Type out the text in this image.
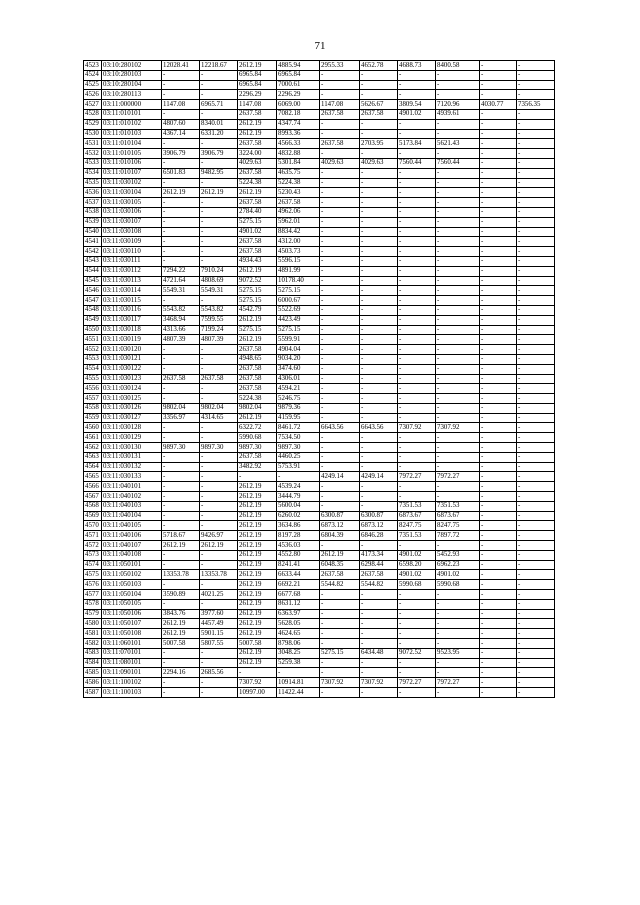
71
4523	03:10:280102	12028.41	12218.67	2612.19	4885.94	2955.33	4652.78	4688.73	8400.58	-	-
4524	03:10:280103	-	-	6965.84	6965.84	-	-	-	-	-	-
4525	03:10:280104	-	-	6965.84	7000.61	-	-	-	-	-	-
4526	03:10:280113	-	-	2296.29	2296.29	-	-	-	-	-	-
4527	03:11:000000	1147.08	6965.71	1147.08	6069.00	1147.08	5626.67	3809.54	7120.96	4030.77	7356.35
4528	03:11:010101	-	-	2637.58	7082.18	2637.58	2637.58	4901.02	4939.61	-	-
4529	03:11:010102	4807.60	8340.01	2612.19	4347.74	-	-	-	-	-	-
4530	03:11:010103	4367.14	6331.20	2612.19	8993.36	-	-	-	-	-	-
4531	03:11:010104	-	-	2637.58	4566.33	2637.58	2703.95	5173.84	5621.43	-	-
4532	03:11:010105	3906.79	3906.79	3224.00	4832.88	-	-	-	-	-	-
4533	03:11:010106	-	-	4029.63	5301.84	4029.63	4029.63	7560.44	7560.44	-	-
4534	03:11:010107	6501.83	9482.95	2637.58	4635.75	-	-	-	-	-	-
4535	03:11:030102	-	-	5224.38	5224.38	-	-	-	-	-	-
4536	03:11:030104	2612.19	2612.19	2612.19	5230.43	-	-	-	-	-	-
4537	03:11:030105	-	-	2637.58	2637.58	-	-	-	-	-	-
4538	03:11:030106	-	-	2784.40	4962.06	-	-	-	-	-	-
4539	03:11:030107	-	-	5275.15	5962.01	-	-	-	-	-	-
4540	03:11:030108	-	-	4901.02	8834.42	-	-	-	-	-	-
4541	03:11:030109	-	-	2637.58	4312.00	-	-	-	-	-	-
4542	03:11:030110	-	-	2637.58	4503.73	-	-	-	-	-	-
4543	03:11:030111	-	-	4934.43	5596.15	-	-	-	-	-	-
4544	03:11:030112	7294.22	7910.24	2612.19	4891.99	-	-	-	-	-	-
4545	03:11:030113	4721.64	4808.69	9072.52	10178.40	-	-	-	-	-	-
4546	03:11:030114	5549.31	5549.31	5275.15	5275.15	-	-	-	-	-	-
4547	03:11:030115	-	-	5275.15	6000.67	-	-	-	-	-	-
4548	03:11:030116	5543.82	5543.82	4542.79	5522.69	-	-	-	-	-	-
4549	03:11:030117	3468.94	7599.55	2612.19	4423.49	-	-	-	-	-	-
4550	03:11:030118	4313.66	7199.24	5275.15	5275.15	-	-	-	-	-	-
4551	03:11:030119	4807.39	4807.39	2612.19	5599.91	-	-	-	-	-	-
4552	03:11:030120	-	-	2637.58	4904.04	-	-	-	-	-	-
4553	03:11:030121	-	-	4948.65	9034.20	-	-	-	-	-	-
4554	03:11:030122	-	-	2637.58	3474.60	-	-	-	-	-	-
4555	03:11:030123	2637.58	2637.58	2637.58	4306.01	-	-	-	-	-	-
4556	03:11:030124	-	-	2637.58	4594.21	-	-	-	-	-	-
4557	03:11:030125	-	-	5224.38	5246.75	-	-	-	-	-	-
4558	03:11:030126	9802.04	9802.04	9802.04	9879.36	-	-	-	-	-	-
4559	03:11:030127	3356.97	4314.65	2612.19	4159.95	-	-	-	-	-	-
4560	03:11:030128	-	-	6322.72	8461.72	6643.56	6643.56	7307.92	7307.92	-	-
4561	03:11:030129	-	-	5990.68	7534.50	-	-	-	-	-	-
4562	03:11:030130	9897.30	9897.30	9897.30	9897.30	-	-	-	-	-	-
4563	03:11:030131	-	-	2637.58	4460.25	-	-	-	-	-	-
4564	03:11:030132	-	-	3482.92	5753.91	-	-	-	-	-	-
4565	03:11:030133	-	-	-	-	4249.14	4249.14	7972.27	7972.27	-	-
4566	03:11:040101	-	-	2612.19	4539.24	-	-	-	-	-	-
4567	03:11:040102	-	-	2612.19	3444.79	-	-	-	-	-	-
4568	03:11:040103	-	-	2612.19	5600.04	-	-	7351.53	7351.53	-	-
4569	03:11:040104	-	-	2612.19	6260.02	6300.87	6300.87	6873.67	6873.67	-	-
4570	03:11:040105	-	-	2612.19	3634.86	6873.12	6873.12	8247.75	8247.75	-	-
4571	03:11:040106	5718.67	9426.97	2612.19	8197.28	6804.39	6846.28	7351.53	7897.72	-	-
4572	03:11:040107	2612.19	2612.19	2612.19	4536.03	-	-	-	-	-	-
4573	03:11:040108	-	-	2612.19	4552.80	2612.19	4173.34	4901.02	5452.93	-	-
4574	03:11:050101	-	-	2612.19	8241.41	6048.35	6298.44	6598.20	6962.23	-	-
4575	03:11:050102	13353.78	13353.78	2612.19	6633.44	2637.58	2637.58	4901.02	4901.02	-	-
4576	03:11:050103	-	-	2612.19	6692.21	5544.82	5544.82	5990.68	5990.68	-	-
4577	03:11:050104	3590.89	4021.25	2612.19	6677.68	-	-	-	-	-	-
4578	03:11:050105	-	-	2612.19	8631.12	-	-	-	-	-	-
4579	03:11:050106	3843.76	3977.60	2612.19	6363.97	-	-	-	-	-	-
4580	03:11:050107	2612.19	4457.49	2612.19	5628.05	-	-	-	-	-	-
4581	03:11:050108	2612.19	5901.15	2612.19	4624.65	-	-	-	-	-	-
4582	03:11:060101	5007.58	5807.55	5007.58	8798.06	-	-	-	-	-	-
4583	03:11:070101	-	-	2612.19	3048.25	5275.15	6434.48	9072.52	9523.95	-	-
4584	03:11:080101	-	-	2612.19	5259.38	-	-	-	-	-	-
4585	03:11:090101	2294.16	2685.56	-	-	-	-	-	-	-	-
4586	03:11:100102	-	-	7307.92	10914.81	7307.92	7307.92	7972.27	7972.27	-	-
4587	03:11:100103	-	-	10997.00	11422.44	-	-	-	-	-	-
